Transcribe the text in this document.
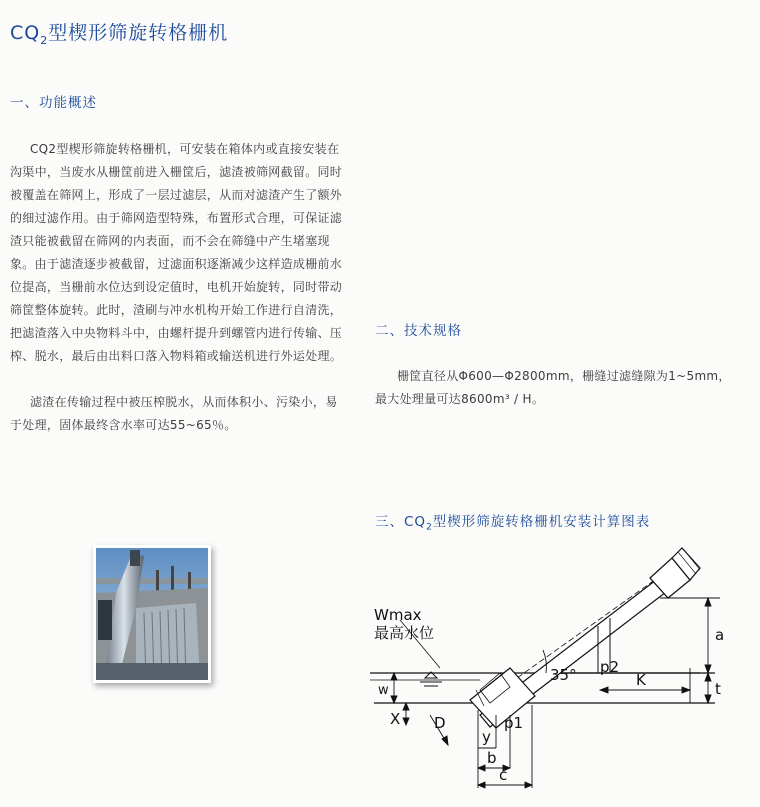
$CQ_2$型楔形筛旋转格栅机
一、功能概述

CQ2型楔形筛旋转格栅机，可安装在箱体内或直接安装在沟渠中，当废水从栅筐前进入栅筐后，滤渣被筛网截留。同时被覆盖在筛网上，形成了一层过滤层，从而对滤渣产生了额外的细过滤作用。由于筛网造型特殊，布置形式合理，可保证滤渣只能被截留在筛网的内表面，而不会在筛缝中产生堵塞现象。由于滤渣逐步被截留，过滤面积逐渐减少这样造成栅前水位提高，当栅前水位达到设定值时，电机开始旋转，同时带动筛筐整体旋转。此时，渣刷与冲水机构开始工作进行自清洗，把滤渣落入中央物料斗中，由螺杆提升到螺管内进行传输、压榨、脱水，最后由出料口落入物料箱或输送机进行外运处理。

滤渣在传输过程中被压榨脱水，从而体积小、污染小，易于处理，固体最终含水率可达55~65％。

二、技术规格

栅筐直径从Φ600—Φ2800mm，栅缝过滤缝隙为1~5mm，

最大处理量可达8600m³ / H。

三、$CQ_2$型楔形筛旋转格栅机安装计算图表
Wmax
最高水位
35°
a
t
K
p2
p1
w
X D
y
b
c
